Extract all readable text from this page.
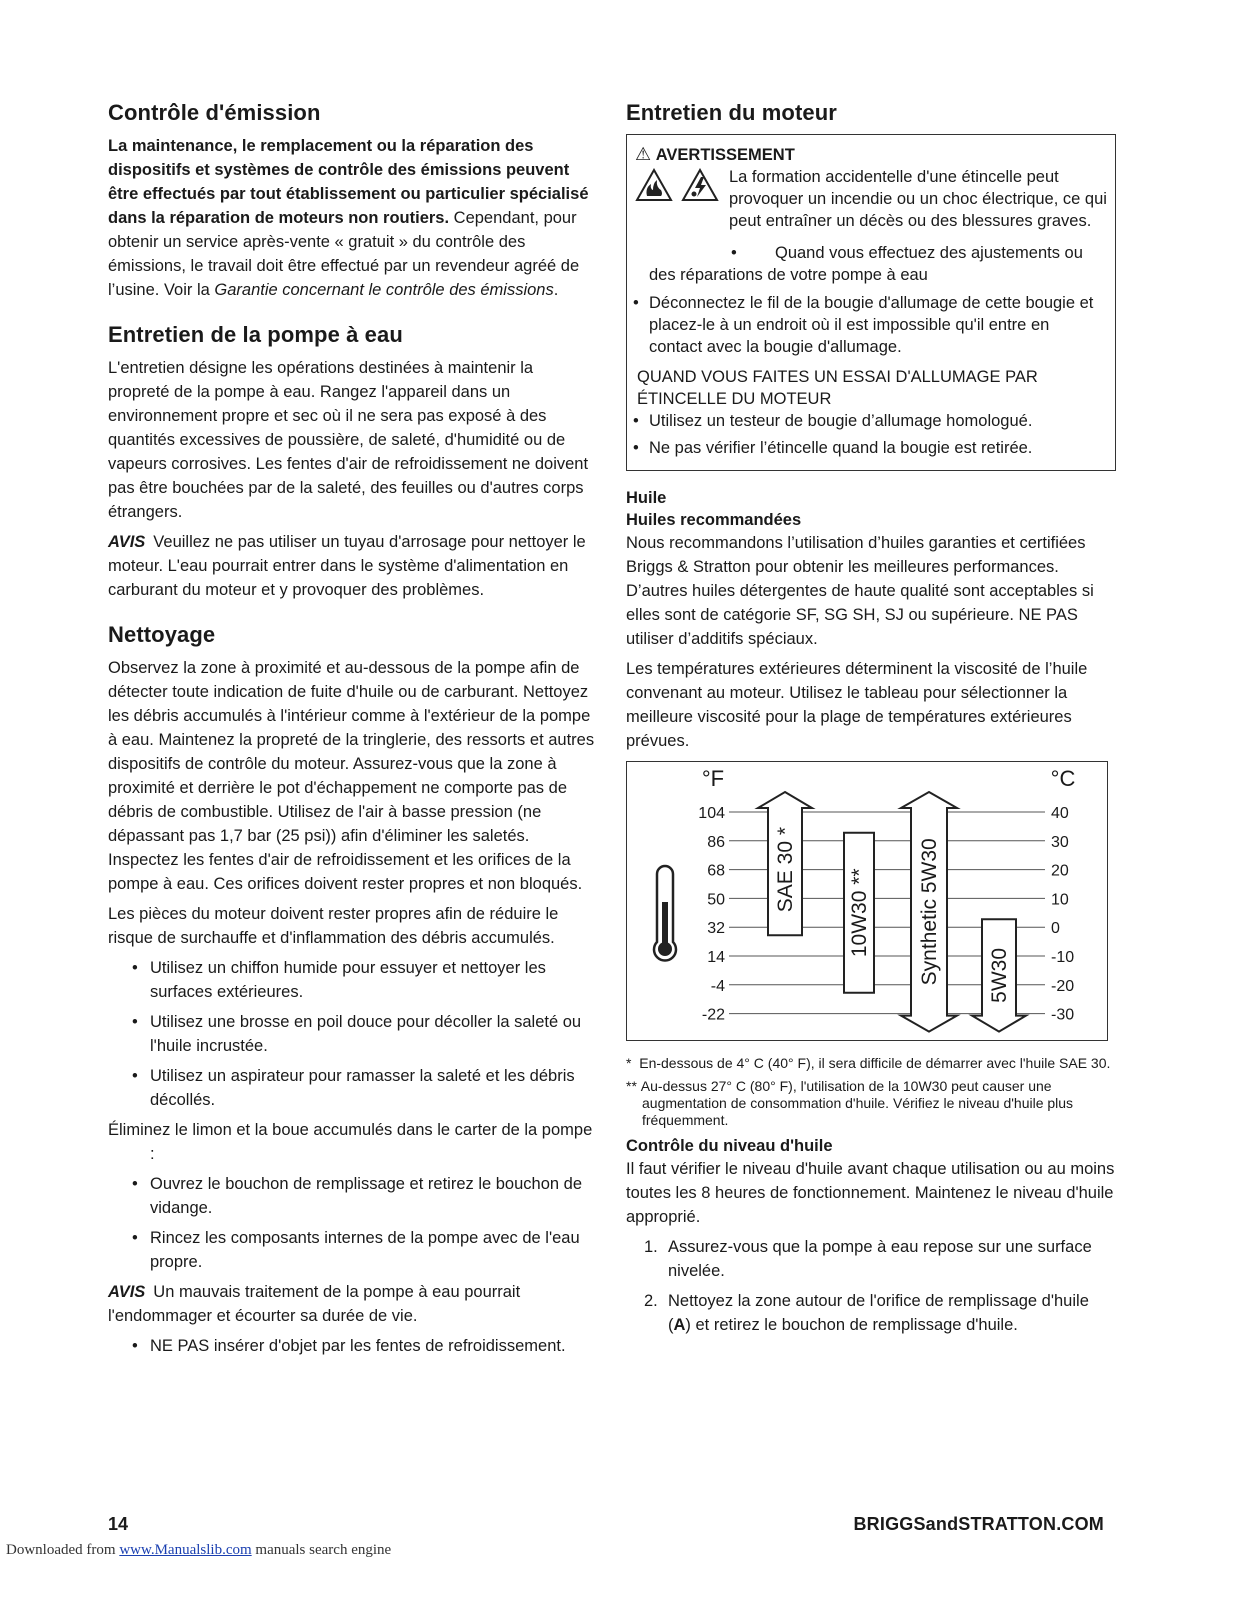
Contrôle d'émission

La maintenance, le remplacement ou la réparation des dispositifs et systèmes de contrôle des émissions peuvent être effectués par tout établissement ou particulier spécialisé dans la réparation de moteurs non routiers. Cependant, pour obtenir un service après-vente « gratuit » du contrôle des émissions, le travail doit être effectué par un revendeur agréé de l’usine. Voir la Garantie concernant le contrôle des émissions.

Entretien de la pompe à eau

L'entretien désigne les opérations destinées à maintenir la propreté de la pompe à eau. Rangez l'appareil dans un environnement propre et sec où il ne sera pas exposé à des quantités excessives de poussière, de saleté, d'humidité ou de vapeurs corrosives. Les fentes d'air de refroidissement ne doivent pas être bouchées par de la saleté, des feuilles ou d'autres corps étrangers.

AVIS Veuillez ne pas utiliser un tuyau d'arrosage pour nettoyer le moteur. L'eau pourrait entrer dans le système d'alimentation en carburant du moteur et y provoquer des problèmes.

Nettoyage

Observez la zone à proximité et au-dessous de la pompe afin de détecter toute indication de fuite d'huile ou de carburant. Nettoyez les débris accumulés à l'intérieur comme à l'extérieur de la pompe à eau. Maintenez la propreté de la tringlerie, des ressorts et autres dispositifs de contrôle du moteur. Assurez-vous que la zone à proximité et derrière le pot d'échappement ne comporte pas de débris de combustible. Utilisez de l'air à basse pression (ne dépassant pas 1,7 bar (25 psi)) afin d'éliminer les saletés. Inspectez les fentes d'air de refroidissement et les orifices de la pompe à eau. Ces orifices doivent rester propres et non bloqués.

Les pièces du moteur doivent rester propres afin de réduire le risque de surchauffe et d'inflammation des débris accumulés.

• Utilisez un chiffon humide pour essuyer et nettoyer les surfaces extérieures.
• Utilisez une brosse en poil douce pour décoller la saleté ou l'huile incrustée.
• Utilisez un aspirateur pour ramasser la saleté et les débris décollés.

Éliminez le limon et la boue accumulés dans le carter de la pompe :

• Ouvrez le bouchon de remplissage et retirez le bouchon de vidange.
• Rincez les composants internes de la pompe avec de l'eau propre.

AVIS Un mauvais traitement de la pompe à eau pourrait l'endommager et écourter sa durée de vie.

• NE PAS insérer d'objet par les fentes de refroidissement.
Entretien du moteur
⚠ AVERTISSEMENT
La formation accidentelle d'une étincelle peut provoquer un incendie ou un choc électrique, ce qui peut entraîner un décès ou des blessures graves.
• Quand vous effectuez des ajustements ou
des réparations de votre pompe à eau
• Déconnectez le fil de la bougie d'allumage de cette bougie et placez-le à un endroit où il est impossible qu'il entre en contact avec la bougie d'allumage.
QUAND VOUS FAITES UN ESSAI D'ALLUMAGE PAR ÉTINCELLE DU MOTEUR
• Utilisez un testeur de bougie d’allumage homologué.
• Ne pas vérifier l’étincelle quand la bougie est retirée.

Huile

Huiles recommandées

Nous recommandons l’utilisation d’huiles garanties et certifiées Briggs & Stratton pour obtenir les meilleures performances. D’autres huiles détergentes de haute qualité sont acceptables si elles sont de catégorie SF, SG SH, SJ ou supérieure. NE PAS utiliser d’additifs spéciaux.

Les températures extérieures déterminent la viscosité de l’huile convenant au moteur. Utilisez le tableau pour sélectionner la meilleure viscosité pour la plage de températures extérieures prévues.

°F	°C
104
86
68
50
32
14
-4
-22
40
30
20
10
0
-10
-20
-30
SAE 30 * 10W30 ** Synthetic 5W30 5W30

* En-dessous de 4° C (40° F), il sera difficile de démarrer avec l'huile SAE 30.

** Au-dessus 27° C (80° F), l'utilisation de la 10W30 peut causer une augmentation de consommation d'huile. Vérifiez le niveau d'huile plus fréquemment.

Contrôle du niveau d'huile

Il faut vérifier le niveau d'huile avant chaque utilisation ou au moins toutes les 8 heures de fonctionnement. Maintenez le niveau d'huile approprié.

1. Assurez-vous que la pompe à eau repose sur une surface nivelée.
2. Nettoyez la zone autour de l'orifice de remplissage d'huile (A) et retirez le bouchon de remplissage d'huile.
14	BRIGGSandSTRATTON.COM
Downloaded from www.Manualslib.com manuals search engine
